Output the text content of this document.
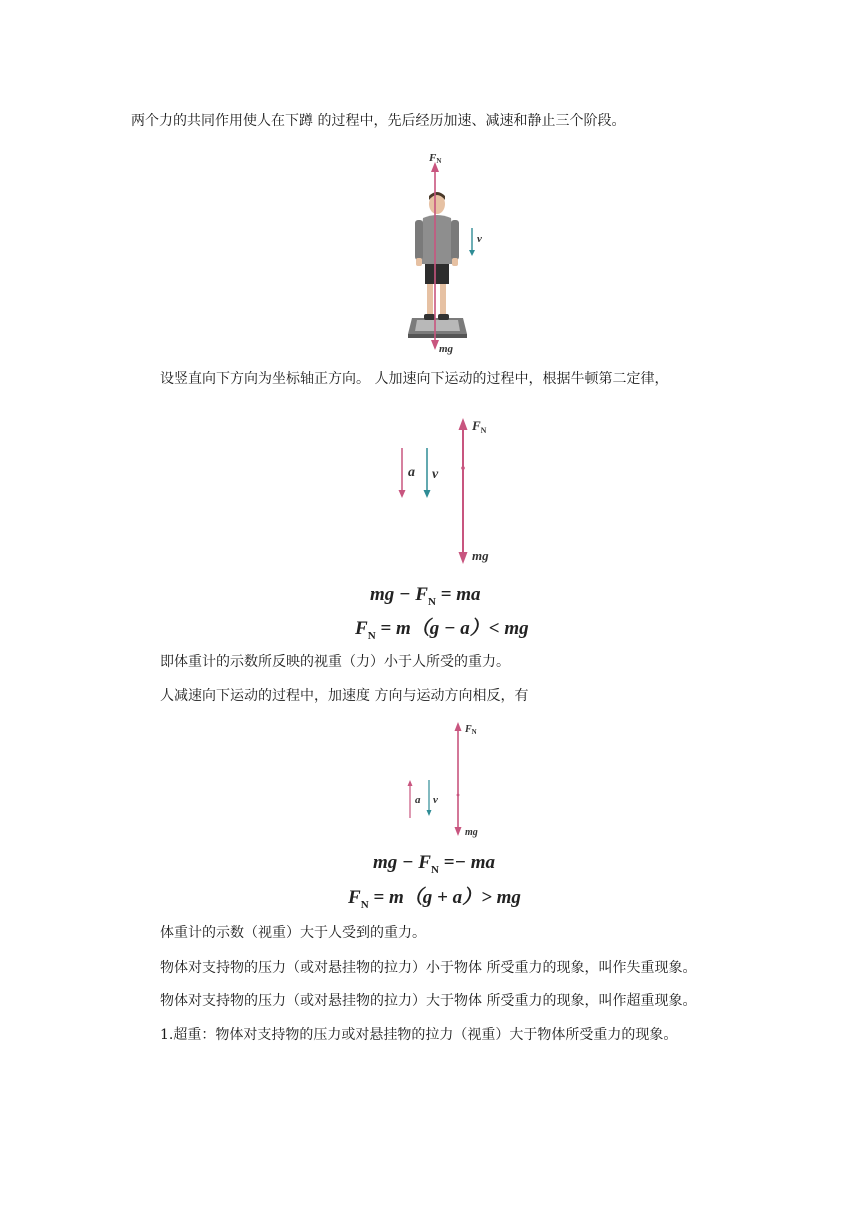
两个力的共同作用使人在下蹲 的过程中，先后经历加速、减速和静止三个阶段。
FN
mg
v
设竖直向下方向为坐标轴正方向。 人加速向下运动的过程中，根据牛顿第二定律，
a v
$F_N$
mg
mg − $F_N$ = ma
$F_N = m(g - a)<$ mg
即体重计的示数所反映的视重（力）小于人所受的重力。
人减速向下运动的过程中，加速度 方向与运动方向相反，有
a v
$F_N$
mg
mg − $F_N$ =− ma
$F_N = m(g + a)>$ mg
体重计的示数（视重）大于人受到的重力。
物体对支持物的压力（或对悬挂物的拉力）小于物体 所受重力的现象，叫作失重现象。
物体对支持物的压力（或对悬挂物的拉力）大于物体 所受重力的现象，叫作超重现象。
1.超重：物体对支持物的压力或对悬挂物的拉力（视重）大于物体所受重力的现象。
